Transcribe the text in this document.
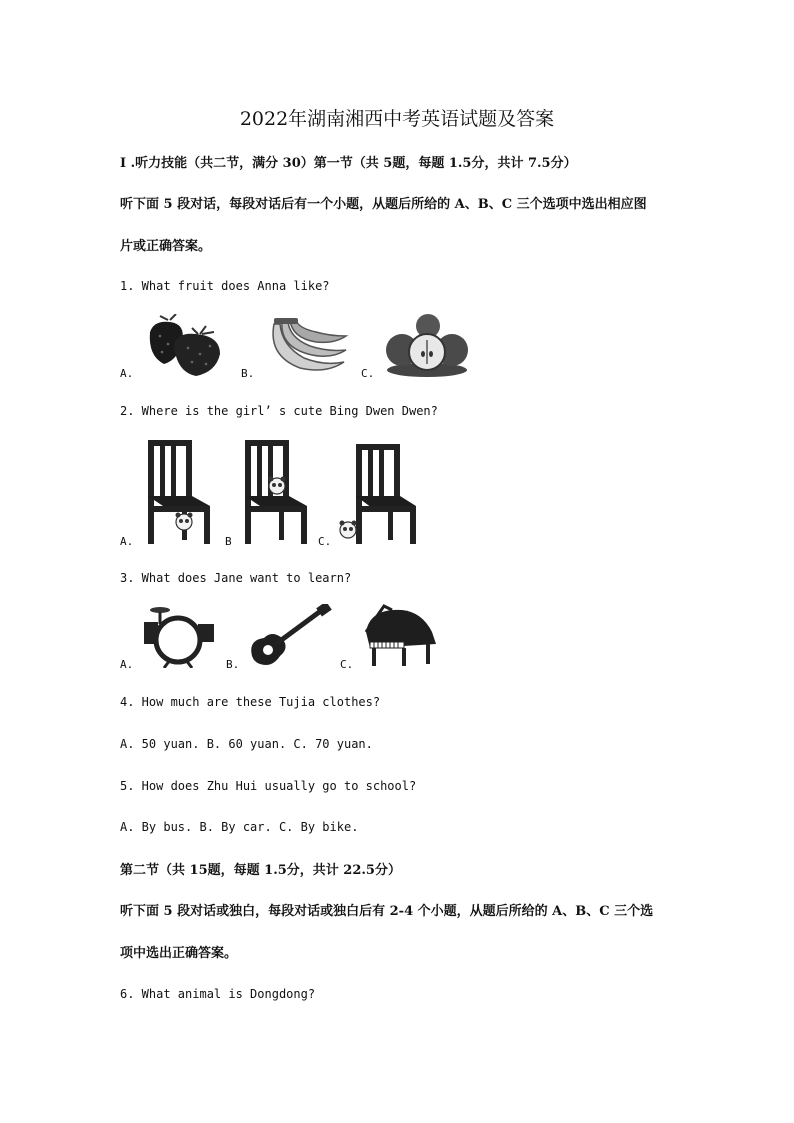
2022年湖南湘西中考英语试题及答案
I .听力技能（共二节，满分 30）第一节（共 5题，每题 1.5分，共计 7.5分）
听下面 5 段对话，每段对话后有一个小题，从题后所给的 A、B、C 三个选项中选出相应图
片或正确答案。
1. What fruit does Anna like?
A.	B.	C.
2. Where is the girl’ s cute Bing Dwen Dwen?
A.	B	C.
3. What does Jane want to learn?
A.	B.	C.
4. How much are these Tujia clothes?
A. 50 yuan. B. 60 yuan. C. 70 yuan.
5. How does Zhu Hui usually go to school?
A. By bus. B. By car. C. By bike.
第二节（共 15题，每题 1.5分，共计 22.5分）
听下面 5 段对话或独白，每段对话或独白后有 2-4 个小题，从题后所给的 A、B、C 三个选
项中选出正确答案。
6. What animal is Dongdong?
